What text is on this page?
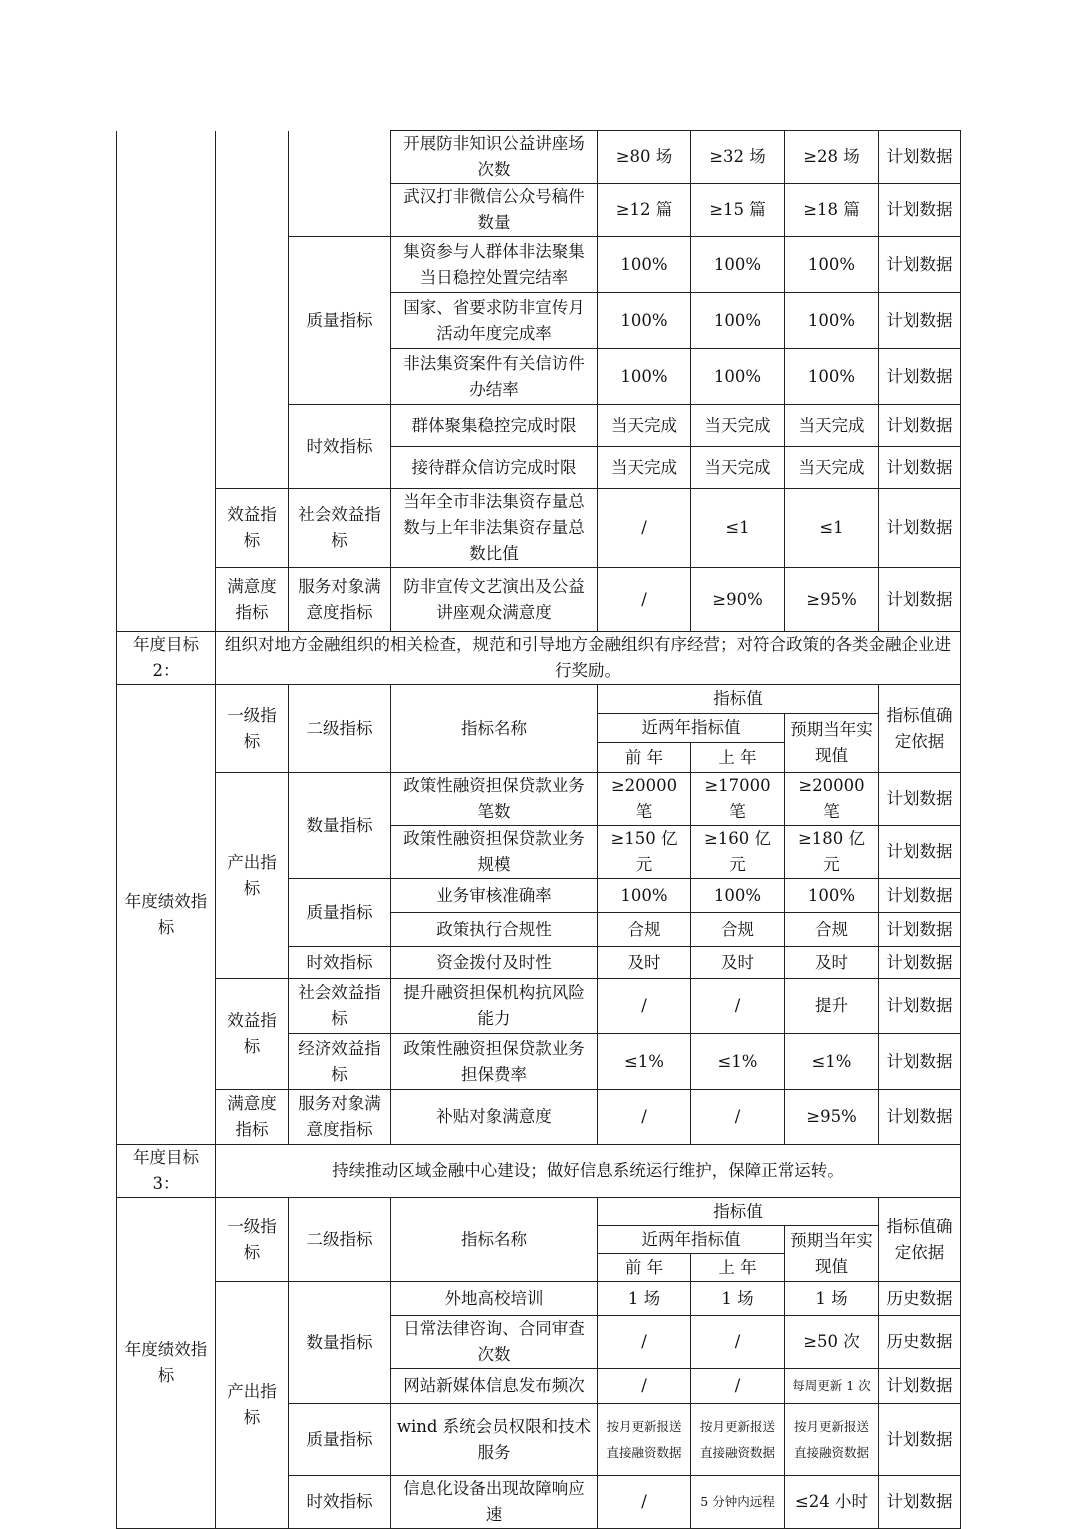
			开展防非知识公益讲座场次数	≥80 场	≥32 场	≥28 场	计划数据
			武汉打非微信公众号稿件数量	≥12 篇	≥15 篇	≥18 篇	计划数据
		质量指标	集资参与人群体非法聚集当日稳控处置完结率	100%	100%	100%	计划数据
			国家、省要求防非宣传月活动年度完成率	100%	100%	100%	计划数据
			非法集资案件有关信访件办结率	100%	100%	100%	计划数据
		时效指标	群体聚集稳控完成时限	当天完成	当天完成	当天完成	计划数据
			接待群众信访完成时限	当天完成	当天完成	当天完成	计划数据
	效益指标	社会效益指标	当年全市非法集资存量总数与上年非法集资存量总数比值	/	≤1	≤1	计划数据
	满意度指标	服务对象满意度指标	防非宣传文艺演出及公益讲座观众满意度	/	≥90%	≥95%	计划数据
年度目标 2：	组织对地方金融组织的相关检查，规范和引导地方金融组织有序经营；对符合政策的各类金融企业进行奖励。						
年度绩效指标	一级指标	二级指标	指标名称	指标值			指标值确定依据
				近两年指标值		预期当年实现值	
				前 年	上 年		
	产出指标	数量指标	政策性融资担保贷款业务笔数	≥20000 笔	≥17000 笔	≥20000 笔	计划数据
			政策性融资担保贷款业务规模	≥150 亿元	≥160 亿元	≥180 亿元	计划数据
		质量指标	业务审核准确率	100%	100%	100%	计划数据
			政策执行合规性	合规	合规	合规	计划数据
		时效指标	资金拨付及时性	及时	及时	及时	计划数据
	效益指标	社会效益指标	提升融资担保机构抗风险能力	/	/	提升	计划数据
		经济效益指标	政策性融资担保贷款业务担保费率	≤1%	≤1%	≤1%	计划数据
	满意度指标	服务对象满意度指标	补贴对象满意度	/	/	≥95%	计划数据
年度目标 3：	持续推动区域金融中心建设；做好信息系统运行维护，保障正常运转。						
年度绩效指标	一级指标	二级指标	指标名称	指标值			指标值确定依据
				近两年指标值		预期当年实现值	
				前 年	上 年		
	产出指标	数量指标	外地高校培训	1 场	1 场	1 场	历史数据
			日常法律咨询、合同审查次数	/	/	≥50 次	历史数据
			网站新媒体信息发布频次	/	/	每周更新 1 次	计划数据
		质量指标	wind 系统会员权限和技术服务	按月更新报送直接融资数据	按月更新报送直接融资数据	按月更新报送直接融资数据	计划数据
		时效指标	信息化设备出现故障响应速	/	5 分钟内远程	≤24 小时	计划数据
